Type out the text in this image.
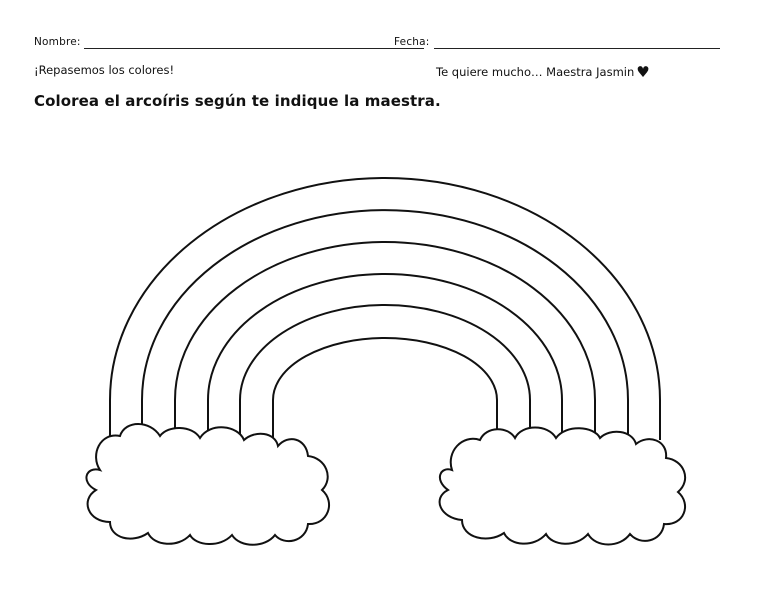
Nombre:	Fecha:
¡Repasemos los colores!	Te quiere mucho… Maestra Jasmin ♥
Colorea el arcoíris según te indique la maestra.
